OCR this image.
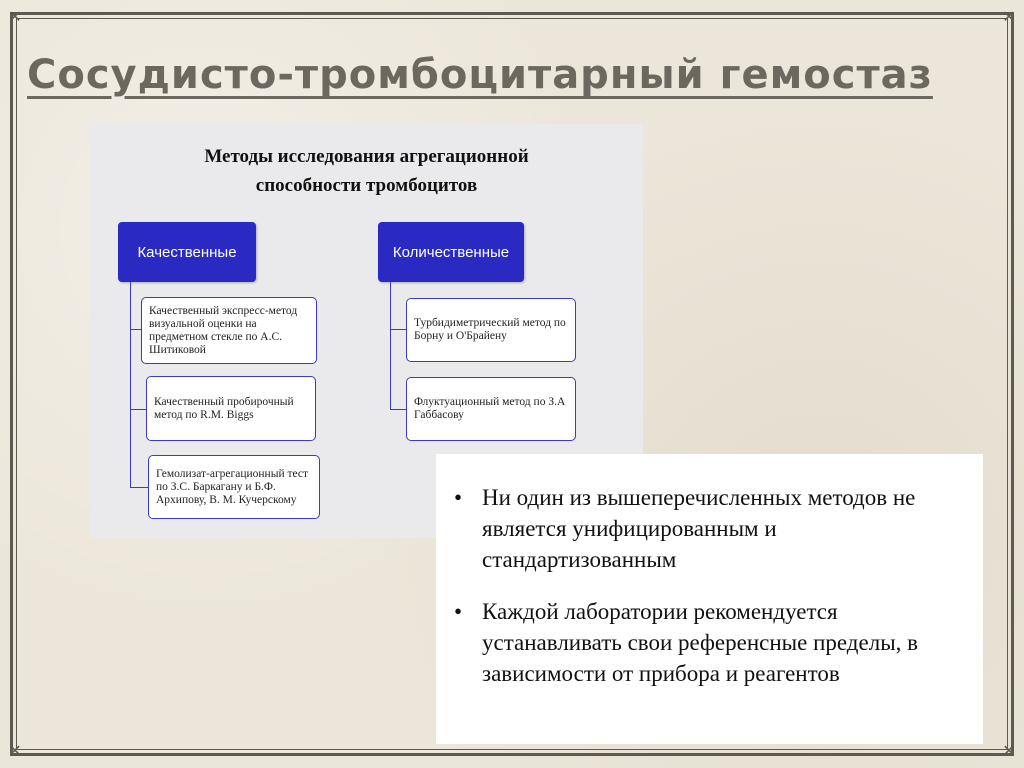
✕	✕
✕	✕
Сосудисто-тромбоцитарный гемостаз
Методы исследования агрегационной
способности тромбоцитов
Качественные
Качественный экспресс-метод визуальной оценки на предметном стекле по А.С. Шитиковой
Качественный пробирочный метод по R.M. Biggs
Гемолизат-агрегационный тест по З.С. Баркагану и Б.Ф. Архипову, В. М. Кучерскому
Количественные
Турбидиметрический метод по Борну и О'Брайену
Флуктуационный метод по З.А Габбасову
• Ни один из вышеперечисленных методов не является унифицированным и стандартизованным
• Каждой лаборатории рекомендуется устанавливать свои референсные пределы, в зависимости от прибора и реагентов
